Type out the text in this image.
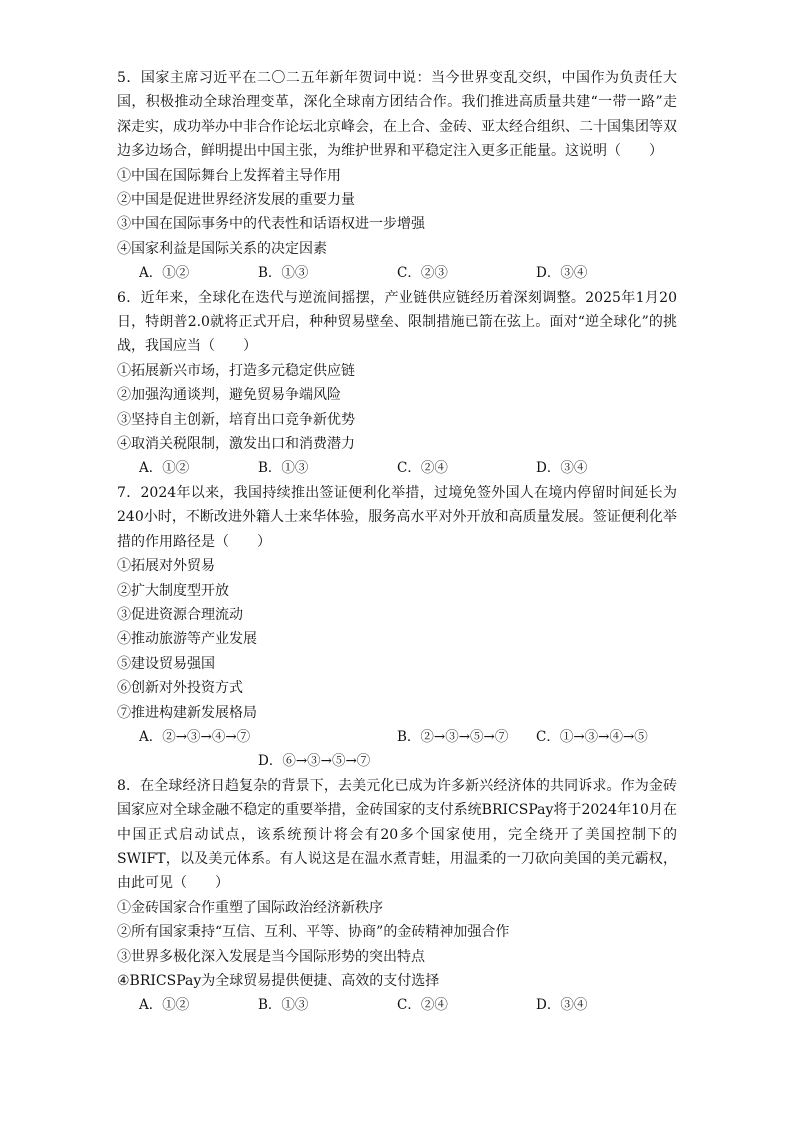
5．国家主席习近平在二〇二五年新年贺词中说：当今世界变乱交织，中国作为负责任大国，积极推动全球治理变革，深化全球南方团结合作。我们推进高质量共建“一带一路”走深走实，成功举办中非合作论坛北京峰会，在上合、金砖、亚太经合组织、二十国集团等双边多边场合，鲜明提出中国主张，为维护世界和平稳定注入更多正能量。这说明（　　）

①中国在国际舞台上发挥着主导作用

②中国是促进世界经济发展的重要力量

③中国在国际事务中的代表性和话语权进一步增强

④国家利益是国际关系的决定因素

A．①②	B．①③	C．②③	D．③④

6．近年来，全球化在迭代与逆流间摇摆，产业链供应链经历着深刻调整。2025年1月20日，特朗普2.0就将正式开启，种种贸易壁垒、限制措施已箭在弦上。面对“逆全球化”的挑战，我国应当（　　）

①拓展新兴市场，打造多元稳定供应链

②加强沟通谈判，避免贸易争端风险

③坚持自主创新，培育出口竞争新优势

④取消关税限制，激发出口和消费潜力

A．①②	B．①③	C．②④	D．③④

7．2024年以来，我国持续推出签证便利化举措，过境免签外国人在境内停留时间延长为240小时，不断改进外籍人士来华体验，服务高水平对外开放和高质量发展。签证便利化举措的作用路径是（　　）

①拓展对外贸易

②扩大制度型开放

③促进资源合理流动

④推动旅游等产业发展

⑤建设贸易强国

⑥创新对外投资方式

⑦推进构建新发展格局

A．②→③→④→⑦	B．②→③→⑤→⑦ C．①→③→④→⑤
D．⑥→③→⑤→⑦

8．在全球经济日趋复杂的背景下，去美元化已成为许多新兴经济体的共同诉求。作为金砖国家应对全球金融不稳定的重要举措，金砖国家的支付系统BRICSPay将于2024年10月在中国正式启动试点，该系统预计将会有20多个国家使用，完全绕开了美国控制下的SWIFT，以及美元体系。有人说这是在温水煮青蛙，用温柔的一刀砍向美国的美元霸权，由此可见（　　）

①金砖国家合作重塑了国际政治经济新秩序

②所有国家秉持“互信、互利、平等、协商”的金砖精神加强合作

③世界多极化深入发展是当今国际形势的突出特点

④BRICSPay为全球贸易提供便捷、高效的支付选择

A．①②	B．①③	C．②④	D．③④
